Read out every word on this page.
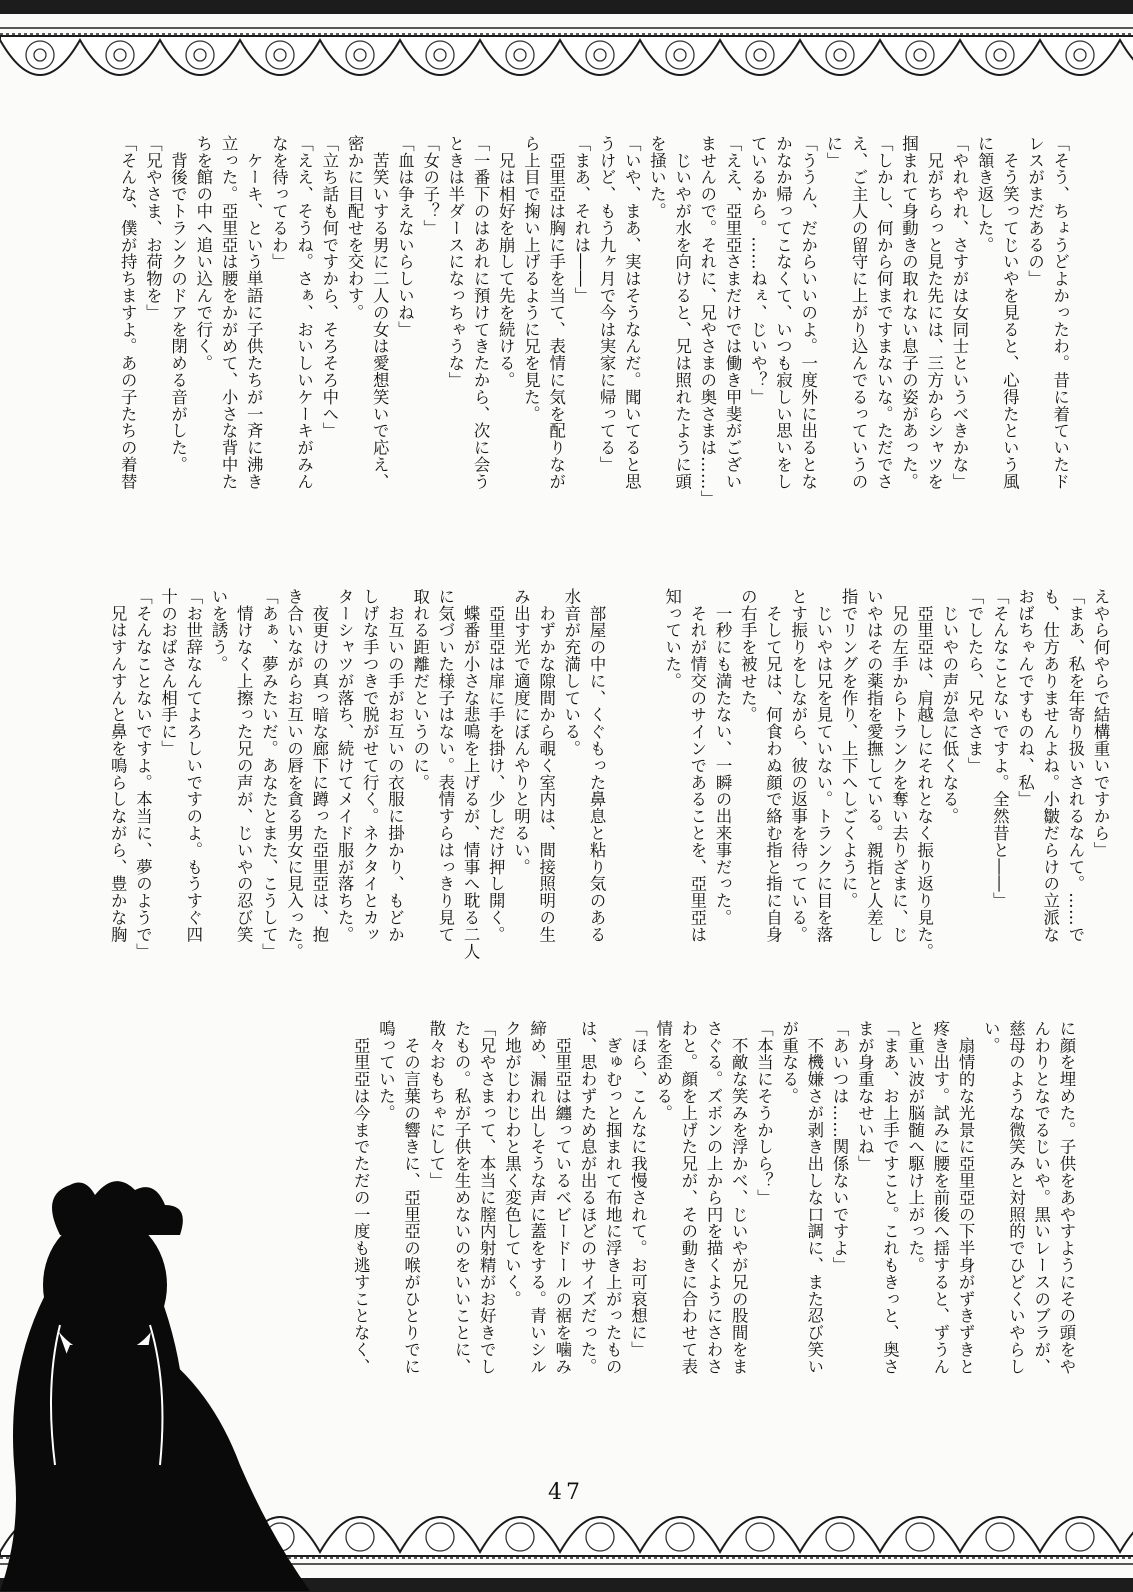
「そう、ちょうどよかったわ。昔に着ていたド

レスがまだあるの」

　そう笑ってじいやを見ると、心得たという風

に頷き返した。

「やれやれ、さすがは女同士というべきかな」

　兄がちらっと見た先には、三方からシャツを

掴まれて身動きの取れない息子の姿があった。

「しかし、何から何まですまないな。ただでさ

え、ご主人の留守に上がり込んでるっていうの

に」

「ううん、だからいいのよ。一度外に出るとな

かなか帰ってこなくて、いつも寂しい思いをし

ているから。……ねぇ、じいや？」

「ええ、亞里亞さまだけでは働き甲斐がござい

ませんので。それに、兄やさまの奥さまは……」

　じいやが水を向けると、兄は照れたように頭

を掻いた。

「いや、まあ、実はそうなんだ。聞いてると思

うけど、もう九ヶ月で今は実家に帰ってる」

「まあ、それは――」

　亞里亞は胸に手を当て、表情に気を配りなが

ら上目で掬い上げるように兄を見た。

　兄は相好を崩して先を続ける。

「一番下のはあれに預けてきたから、次に会う

ときは半ダースになっちゃうな」

「女の子？」

「血は争えないらしいね」

　苦笑いする男に二人の女は愛想笑いで応え、

密かに目配せを交わす。

「立ち話も何ですから、そろそろ中へ」

「ええ、そうね。さぁ、おいしいケーキがみん

なを待ってるわ」

　ケーキ、という単語に子供たちが一斉に沸き

立った。亞里亞は腰をかがめて、小さな背中た

ちを館の中へ追い込んで行く。

　背後でトランクのドアを閉める音がした。

「兄やさま、お荷物を」

「そんな、僕が持ちますよ。あの子たちの着替

えやら何やらで結構重いですから」

「まあ、私を年寄り扱いされるなんて。……で

も、仕方ありませんよね。小皺だらけの立派な

おばちゃんですものね、私」

「そんなことないですよ。全然昔と――」

「でしたら、兄やさま」

　じいやの声が急に低くなる。

　亞里亞は、肩越しにそれとなく振り返り見た。

　兄の左手からトランクを奪い去りざまに、じ

いやはその薬指を愛撫している。親指と人差し

指でリングを作り、上下へしごくように。

　じいやは兄を見ていない。トランクに目を落

とす振りをしながら、彼の返事を待っている。

　そして兄は、何食わぬ顔で絡む指と指に自身

の右手を被せた。

　一秒にも満たない、一瞬の出来事だった。

　それが情交のサインであることを、亞里亞は

知っていた。

　部屋の中に、くぐもった鼻息と粘り気のある

水音が充満している。

　わずかな隙間から覗く室内は、間接照明の生

み出す光で適度にぼんやりと明るい。

　亞里亞は扉に手を掛け、少しだけ押し開く。

　蝶番が小さな悲鳴を上げるが、情事へ耽る二人

に気づいた様子はない。表情すらはっきり見て

取れる距離だというのに。

　お互いの手がお互いの衣服に掛かり、もどか

しげな手つきで脱がせて行く。ネクタイとカッ

ターシャツが落ち、続けてメイド服が落ちた。

　夜更けの真っ暗な廊下に蹲った亞里亞は、抱

き合いながらお互いの唇を貪る男女に見入った。

「あぁ、夢みたいだ。あなたとまた、こうして」

　情けなく上擦った兄の声が、じいやの忍び笑

いを誘う。

「お世辞なんてよろしいですのよ。もうすぐ四

十のおばさん相手に」

「そんなことないですよ。本当に、夢のようで」

　兄はすんすんと鼻を鳴らしながら、豊かな胸

に顔を埋めた。子供をあやすようにその頭をや

んわりとなでるじいや。黒いレースのブラが、

慈母のような微笑みと対照的でひどくいやらし

い。

　扇情的な光景に亞里亞の下半身がずきずきと

疼き出す。試みに腰を前後へ揺すると、ずうん

と重い波が脳髄へ駆け上がった。

「まあ、お上手ですこと。これもきっと、奥さ

まが身重なせいね」

「あいつは……関係ないですよ」

　不機嫌さが剥き出しな口調に、また忍び笑い

が重なる。

「本当にそうかしら？」

　不敵な笑みを浮かべ、じいやが兄の股間をま

さぐる。ズボンの上から円を描くようにさわさ

わと。顔を上げた兄が、その動きに合わせて表

情を歪める。

「ほら、こんなに我慢されて。お可哀想に」

　ぎゅむっと掴まれて布地に浮き上がったもの

は、思わずため息が出るほどのサイズだった。

　亞里亞は纏っているベビードールの裾を噛み

締め、漏れ出しそうな声に蓋をする。青いシル

ク地がじわじわと黒く変色していく。

「兄やさまって、本当に膣内射精がお好きでし

たもの。私が子供を生めないのをいいことに、

散々おもちゃにして」

　その言葉の響きに、亞里亞の喉がひとりでに

鳴っていた。

　亞里亞は今までただの一度も逃すことなく、

47
